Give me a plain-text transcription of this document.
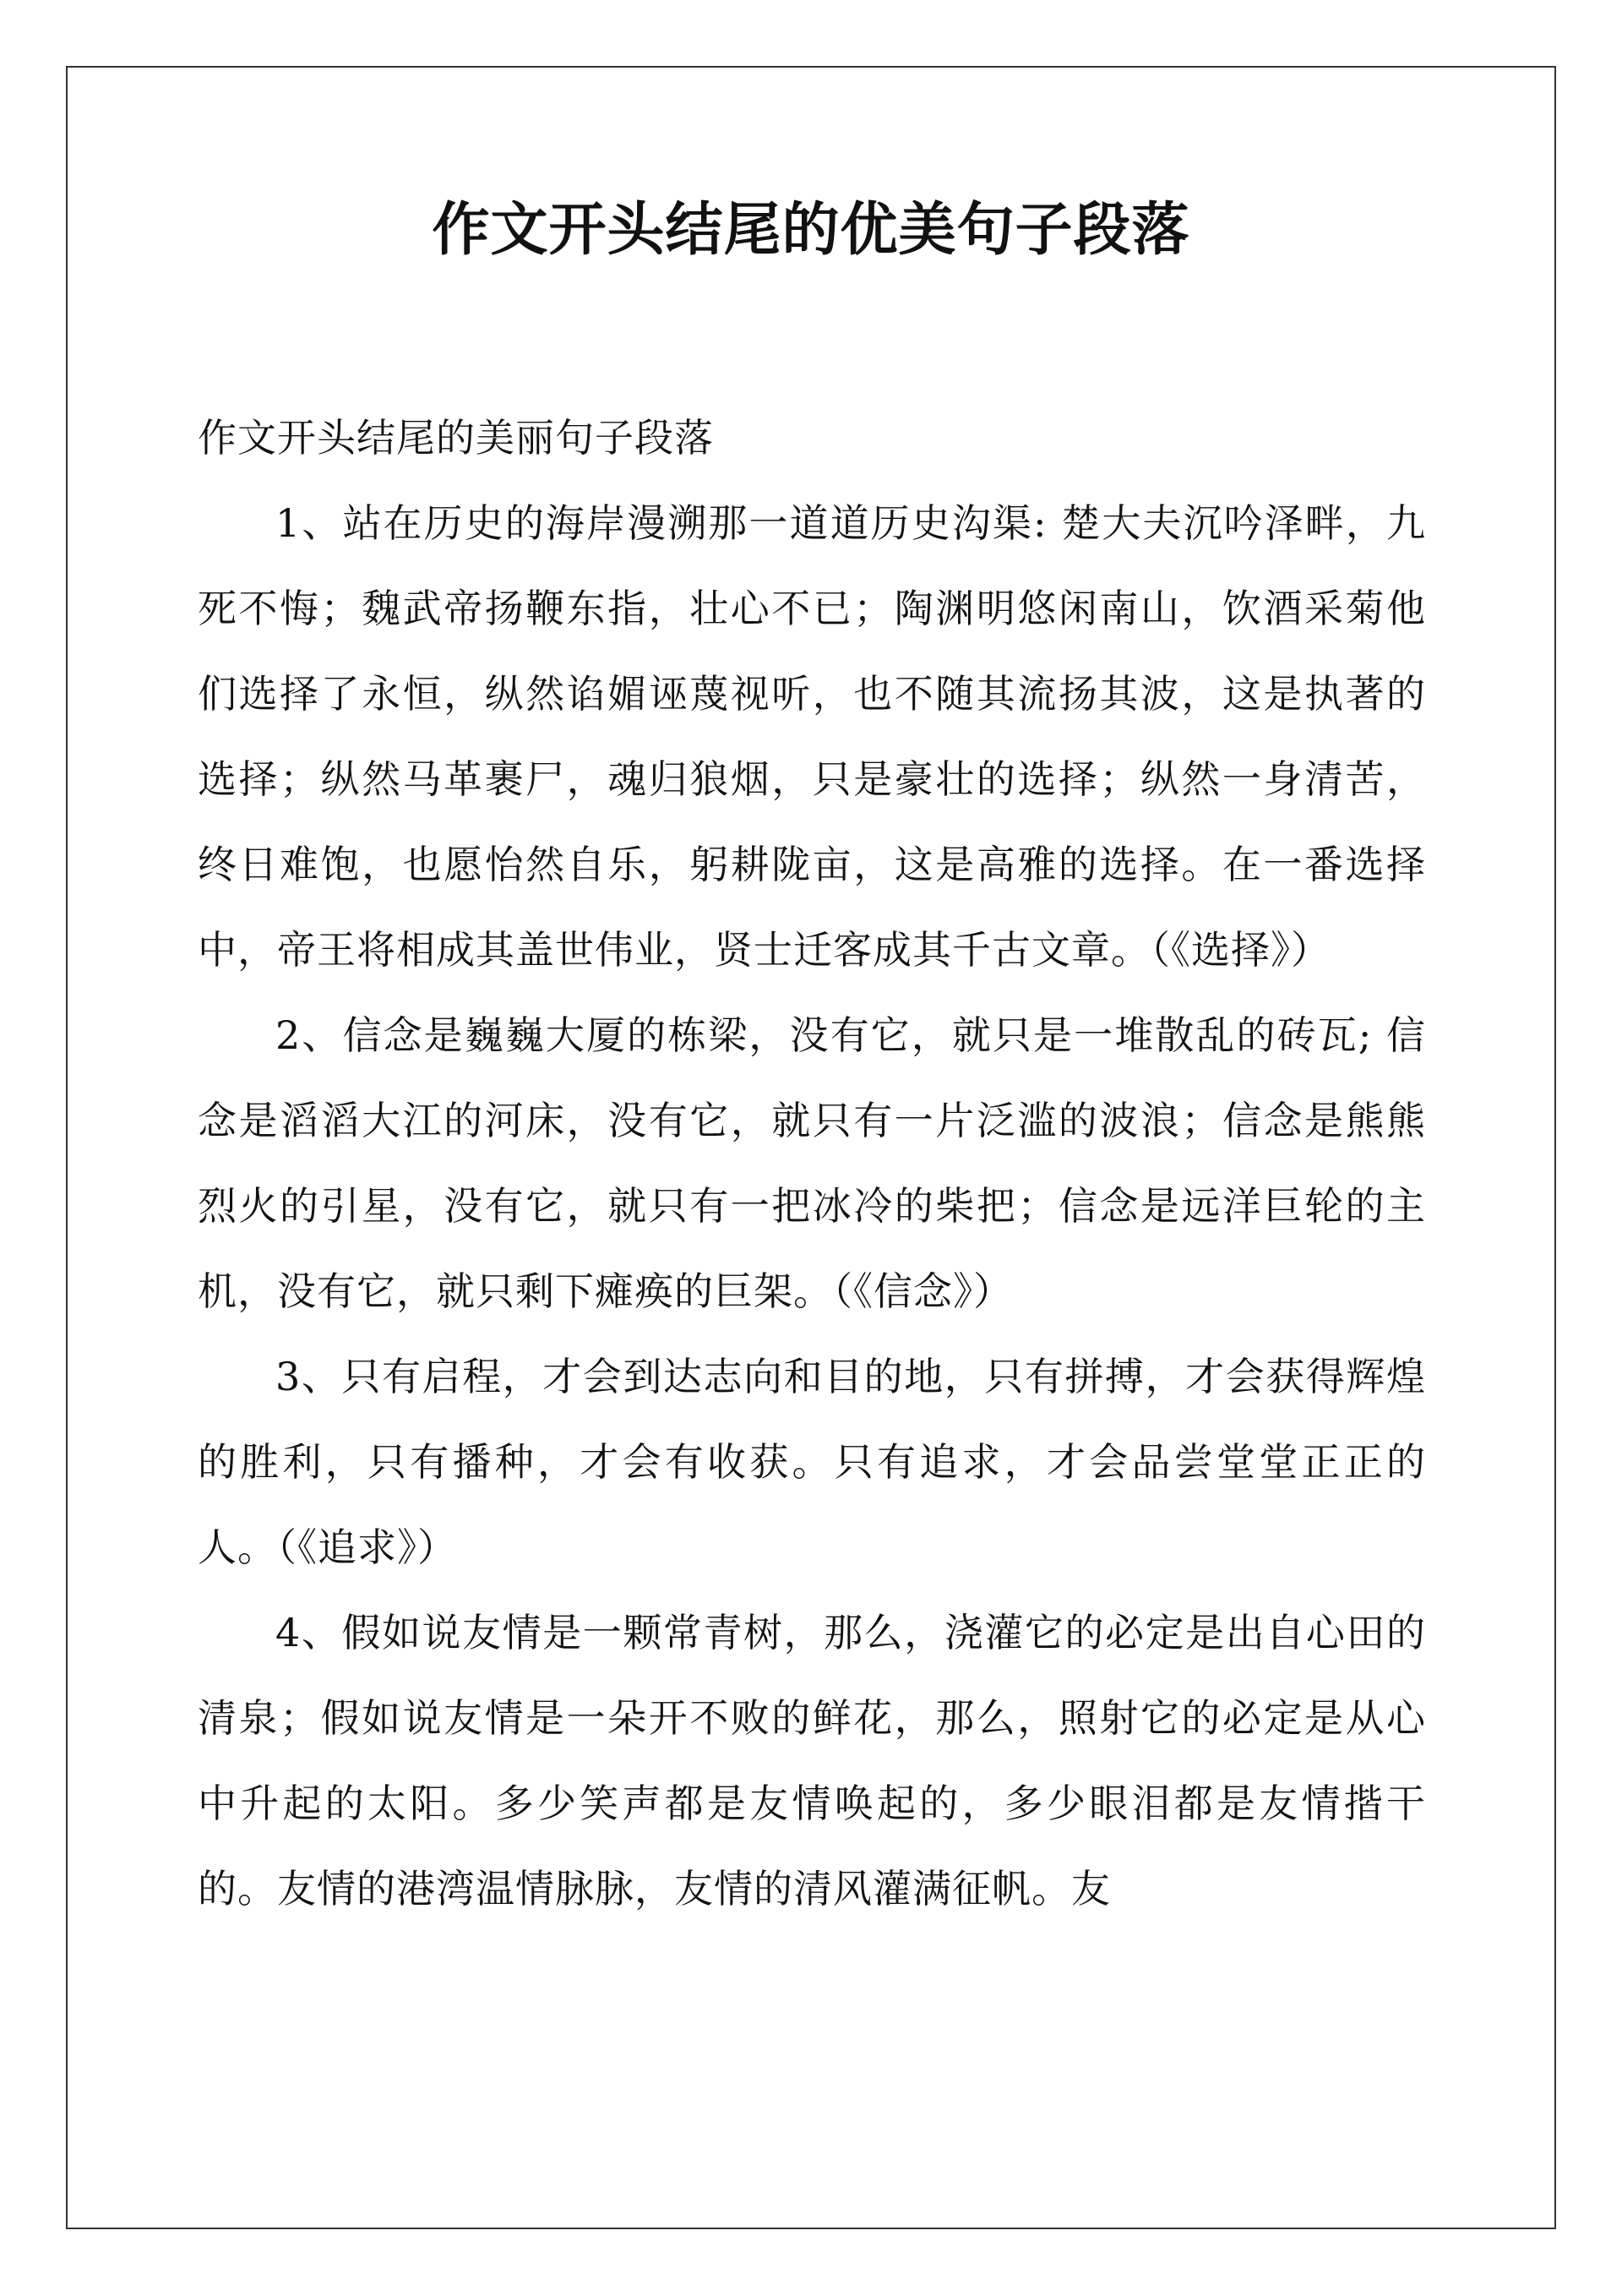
作文开头结尾的优美句子段落

作文开头结尾的美丽句子段落

1、站在历史的海岸漫溯那一道道历史沟渠: 楚大夫沉吟泽畔，九死不悔；魏武帝扬鞭东指，壮心不已；陶渊明悠闲南山，饮酒采菊他们选择了永恒，纵然谄媚诬蔑视听，也不随其流扬其波，这是执著的选择；纵然马革裹尸，魂归狼烟，只是豪壮的选择；纵然一身清苦，终日难饱，也愿怡然自乐，躬耕陇亩，这是高雅的选择。在一番选择中，帝王将相成其盖世伟业，贤士迁客成其千古文章。（《选择》）

2、信念是巍巍大厦的栋梁，没有它，就只是一堆散乱的砖瓦; 信念是滔滔大江的河床，没有它，就只有一片泛滥的波浪；信念是熊熊烈火的引星，没有它，就只有一把冰冷的柴把；信念是远洋巨轮的主机，没有它，就只剩下瘫痪的巨架。（《信念》）

3、只有启程，才会到达志向和目的地，只有拼搏，才会获得辉煌的胜利，只有播种，才会有收获。只有追求，才会品尝堂堂正正的人。（《追求》）

4、假如说友情是一颗常青树，那么，浇灌它的必定是出自心田的清泉；假如说友情是一朵开不败的鲜花，那么，照射它的必定是从心中升起的太阳。多少笑声都是友情唤起的，多少眼泪都是友情揩干的。友情的港湾温情脉脉，友情的清风灌满征帆。友
